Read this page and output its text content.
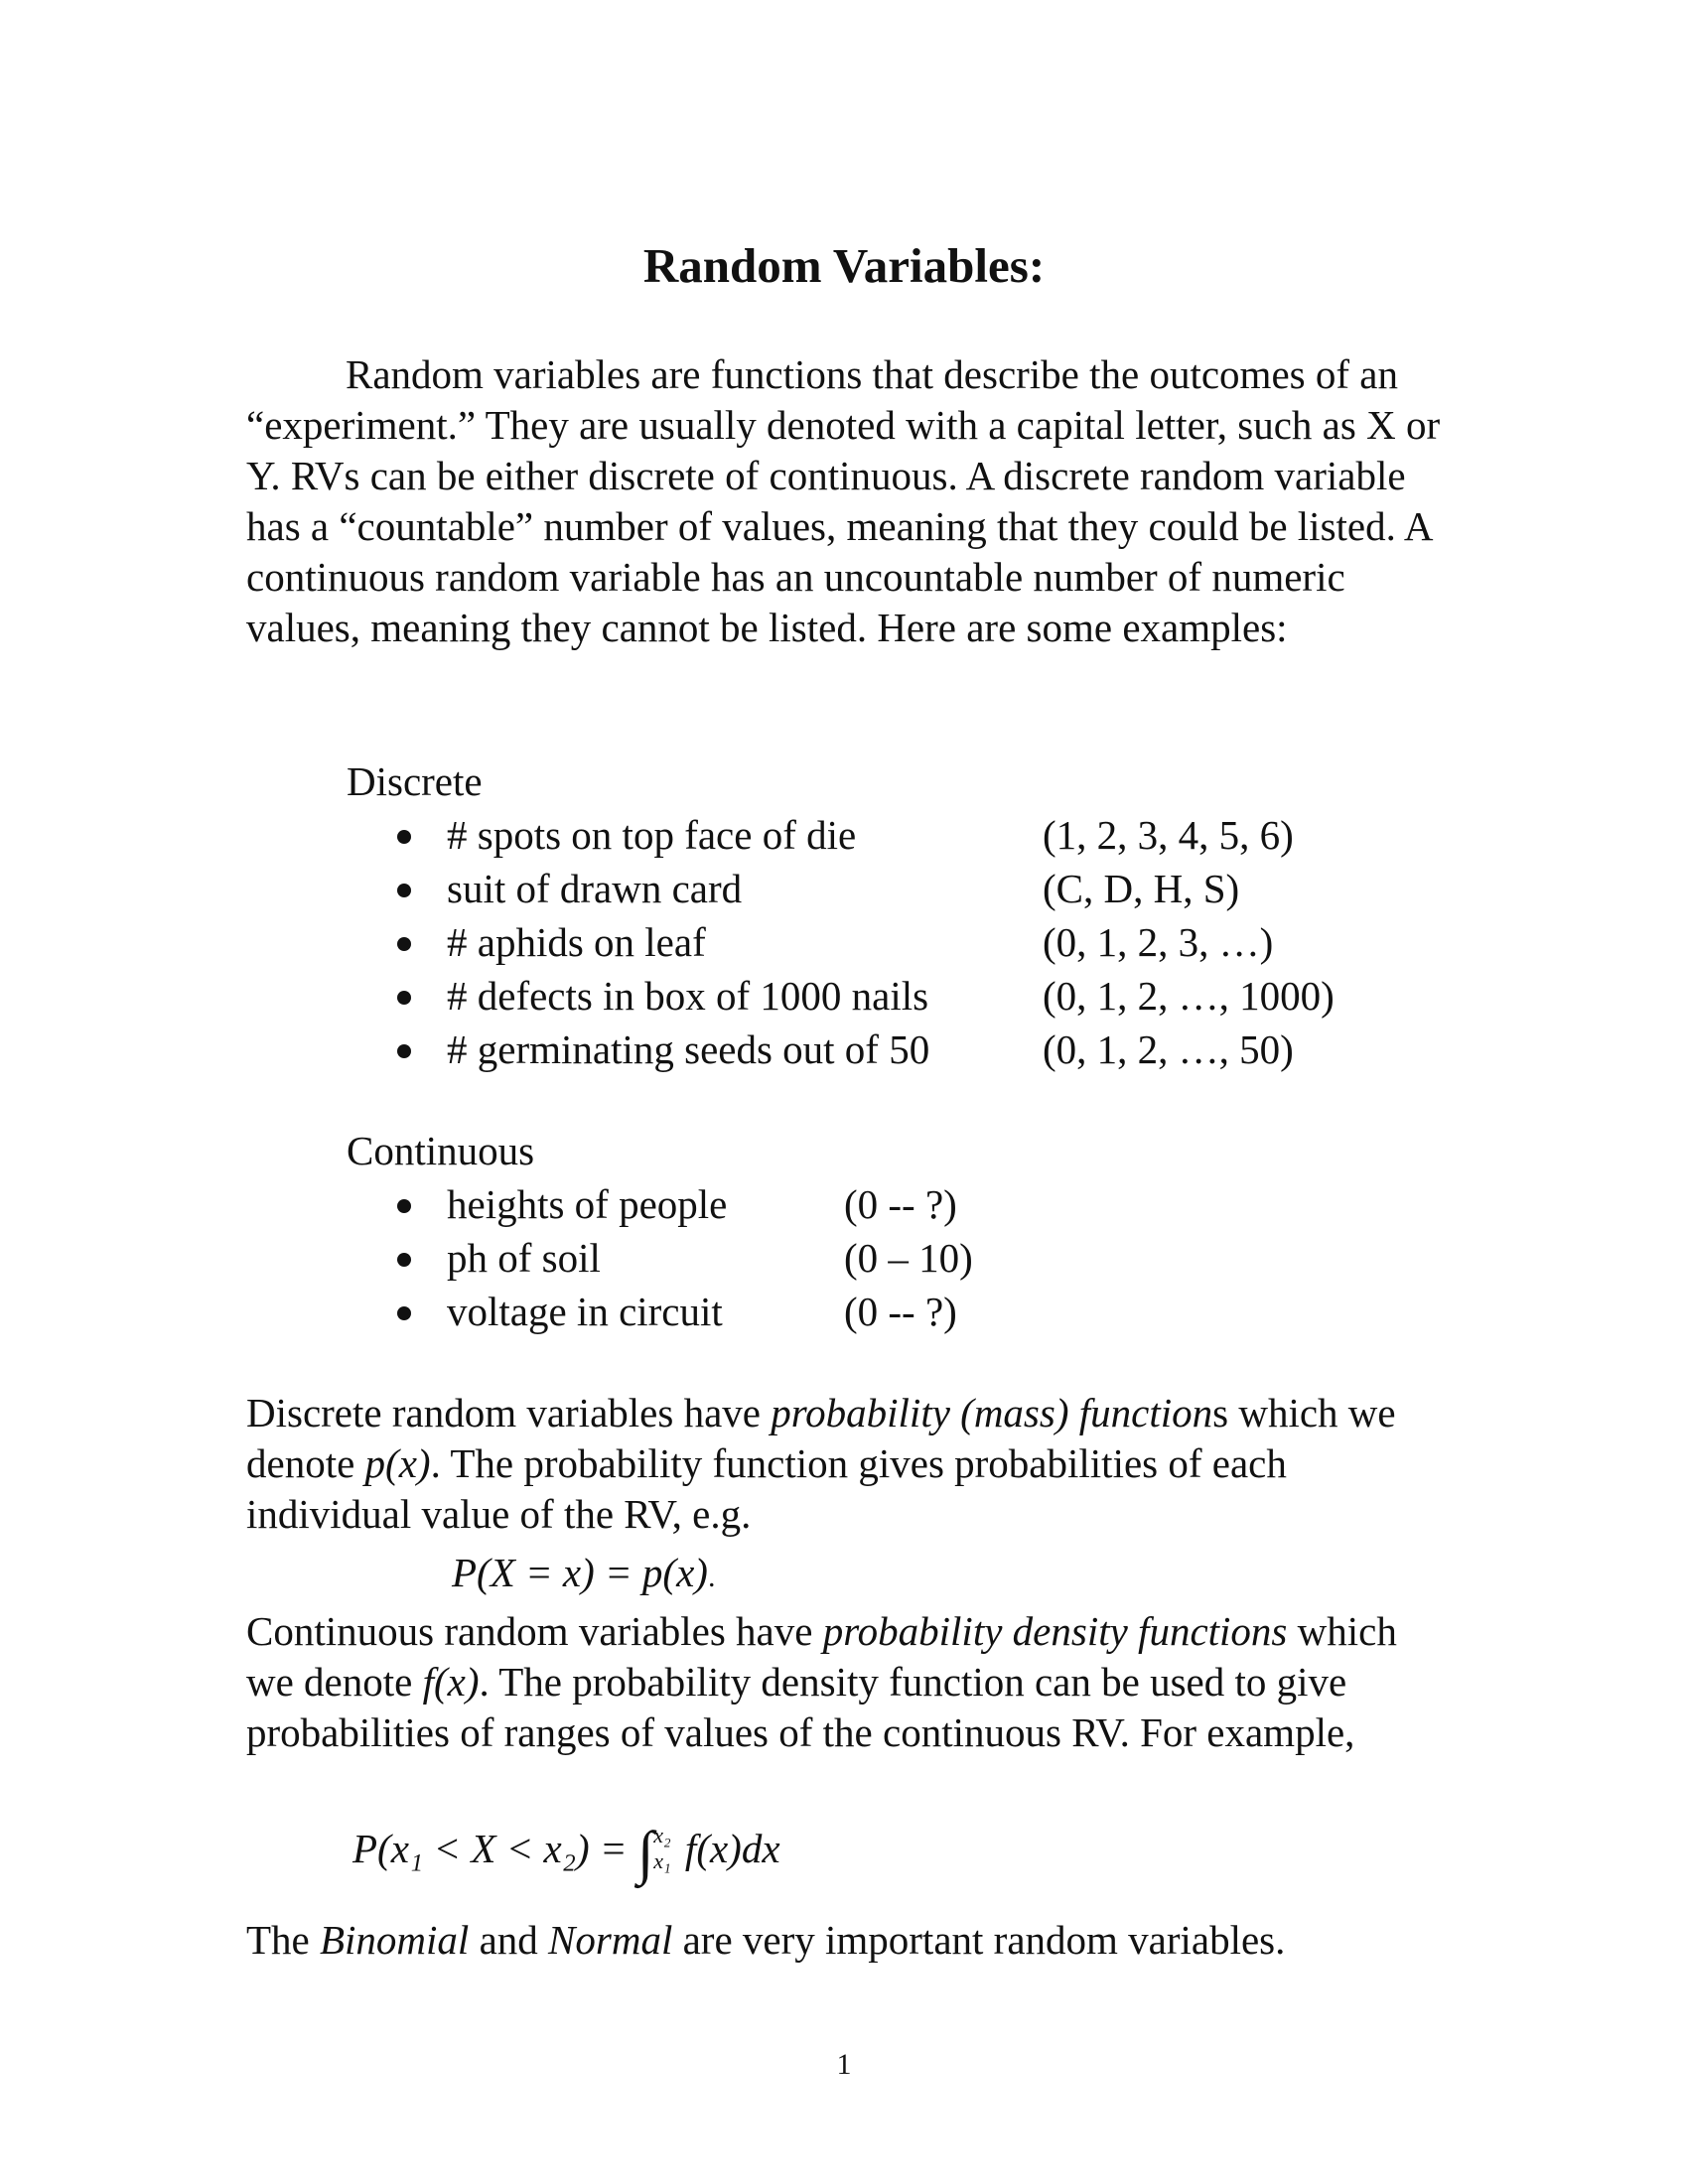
Random Variables:
Random variables are functions that describe the outcomes of an “experiment.” They are usually denoted with a capital letter, such as X or Y. RVs can be either discrete of continuous. A discrete random variable has a “countable” number of values, meaning that they could be listed. A continuous random variable has an uncountable number of numeric values, meaning they cannot be listed. Here are some examples:
Discrete
# spots on top face of die	(1, 2, 3, 4, 5, 6)
suit of drawn card	(C, D, H, S)
# aphids on leaf	(0, 1, 2, 3, …)
# defects in box of 1000 nails	(0, 1, 2, …, 1000)
# germinating seeds out of 50	(0, 1, 2, …, 50)
Continuous
heights of people	(0 -- ?)
ph of soil	(0 – 10)
voltage in circuit	(0 -- ?)
Discrete random variables have probability (mass) functions which we denote p(x). The probability function gives probabilities of each individual value of the RV, e.g.
P(X = x) = p(x).
Continuous random variables have probability density functions which we denote f(x). The probability density function can be used to give probabilities of ranges of values of the continuous RV. For example,
P(x₁ < X < x₂) = ∫ x₂
x₁ f(x)dx
The Binomial and Normal are very important random variables.
1
